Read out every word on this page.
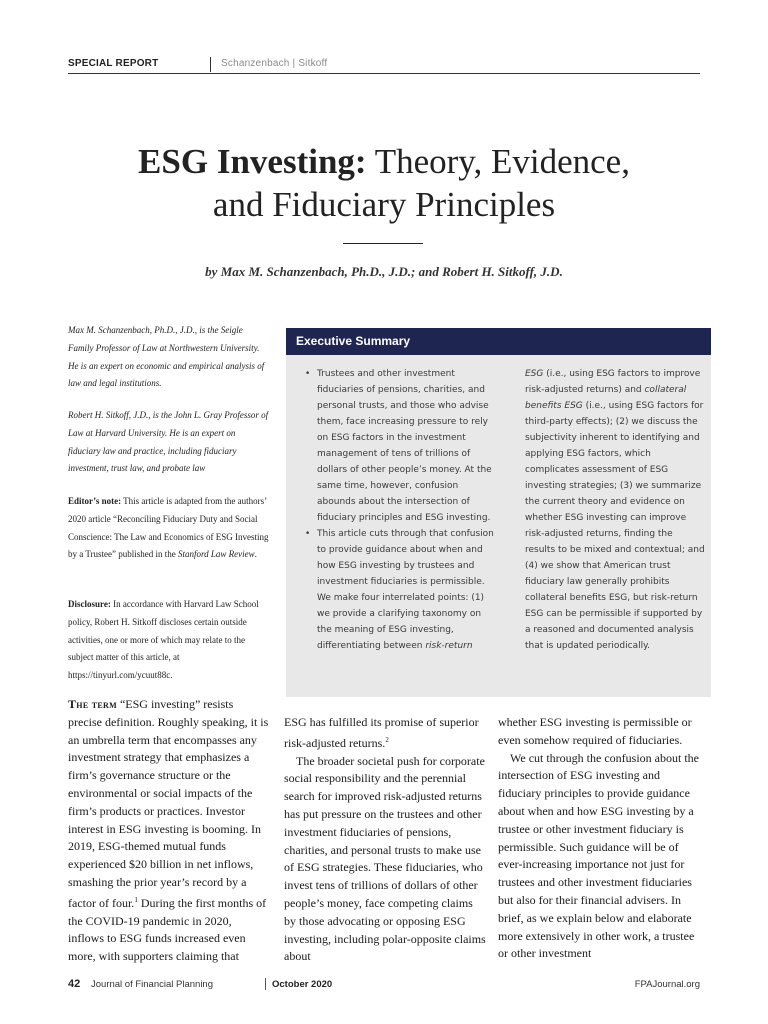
SPECIAL REPORT	Schanzenbach | Sitkoff
ESG Investing: Theory, Evidence,
and Fiduciary Principles
by Max M. Schanzenbach, Ph.D., J.D.; and Robert H. Sitkoff, J.D.
Max M. Schanzenbach, Ph.D., J.D., is the Seigle Family Professor of Law at Northwestern University. He is an expert on economic and empirical analysis of law and legal institutions.
Robert H. Sitkoff, J.D., is the John L. Gray Professor of Law at Harvard University. He is an expert on fiduciary law and practice, including fiduciary investment, trust law, and probate law
Editor’s note: This article is adapted from the authors’ 2020 article “Reconciling Fiduciary Duty and Social Conscience: The Law and Economics of ESG Investing by a Trustee” published in the Stanford Law Review.
Disclosure: In accordance with Harvard Law School policy, Robert H. Sitkoff discloses certain outside activities, one or more of which may relate to the subject matter of this article, at https://tinyurl.com/ycuut88c.
Executive Summary
• Trustees and other investment fiduciaries of pensions, charities, and personal trusts, and those who advise them, face increasing pressure to rely on ESG factors in the investment management of tens of trillions of dollars of other people’s money. At the same time, however, confusion abounds about the intersection of fiduciary principles and ESG investing.
• This article cuts through that confusion to provide guidance about when and how ESG investing by trustees and investment fiduciaries is permissible. We make four interrelated points: (1) we provide a clarifying taxonomy on the meaning of ESG investing, differentiating between risk-return
ESG (i.e., using ESG factors to improve risk-adjusted returns) and collateral benefits ESG (i.e., using ESG factors for third-party effects); (2) we discuss the subjectivity inherent to identifying and applying ESG factors, which complicates assessment of ESG investing strategies; (3) we summarize the current theory and evidence on whether ESG investing can improve risk-adjusted returns, finding the results to be mixed and contextual; and (4) we show that American trust fiduciary law generally prohibits collateral benefits ESG, but risk-return ESG can be permissible if supported by a reasoned and documented analysis that is updated periodically.
The term “ESG investing” resists precise definition. Roughly speaking, it is an umbrella term that encompasses any investment strategy that emphasizes a firm’s governance structure or the environmental or social impacts of the firm’s products or practices. Investor interest in ESG investing is booming. In 2019, ESG-themed mutual funds experienced $20 billion in net inflows, smashing the prior year’s record by a factor of four.$^1$ During the first months of the COVID-19 pandemic in 2020, inflows to ESG funds increased even more, with supporters claiming that
ESG has fulfilled its promise of superior risk-adjusted returns.$^2$
The broader societal push for corporate social responsibility and the perennial search for improved risk-adjusted returns has put pressure on the trustees and other investment fiduciaries of pensions, charities, and personal trusts to make use of ESG strategies. These fiduciaries, who invest tens of trillions of dollars of other people’s money, face competing claims by those advocating or opposing ESG investing, including polar-opposite claims about
whether ESG investing is permissible or even somehow required of fiduciaries.
We cut through the confusion about the intersection of ESG investing and fiduciary principles to provide guidance about when and how ESG investing by a trustee or other investment fiduciary is permissible. Such guidance will be of ever-increasing importance not just for trustees and other investment fiduciaries but also for their financial advisers. In brief, as we explain below and elaborate more extensively in other work, a trustee or other investment
42 Journal of Financial Planning	October 2020	FPAJournal.org
